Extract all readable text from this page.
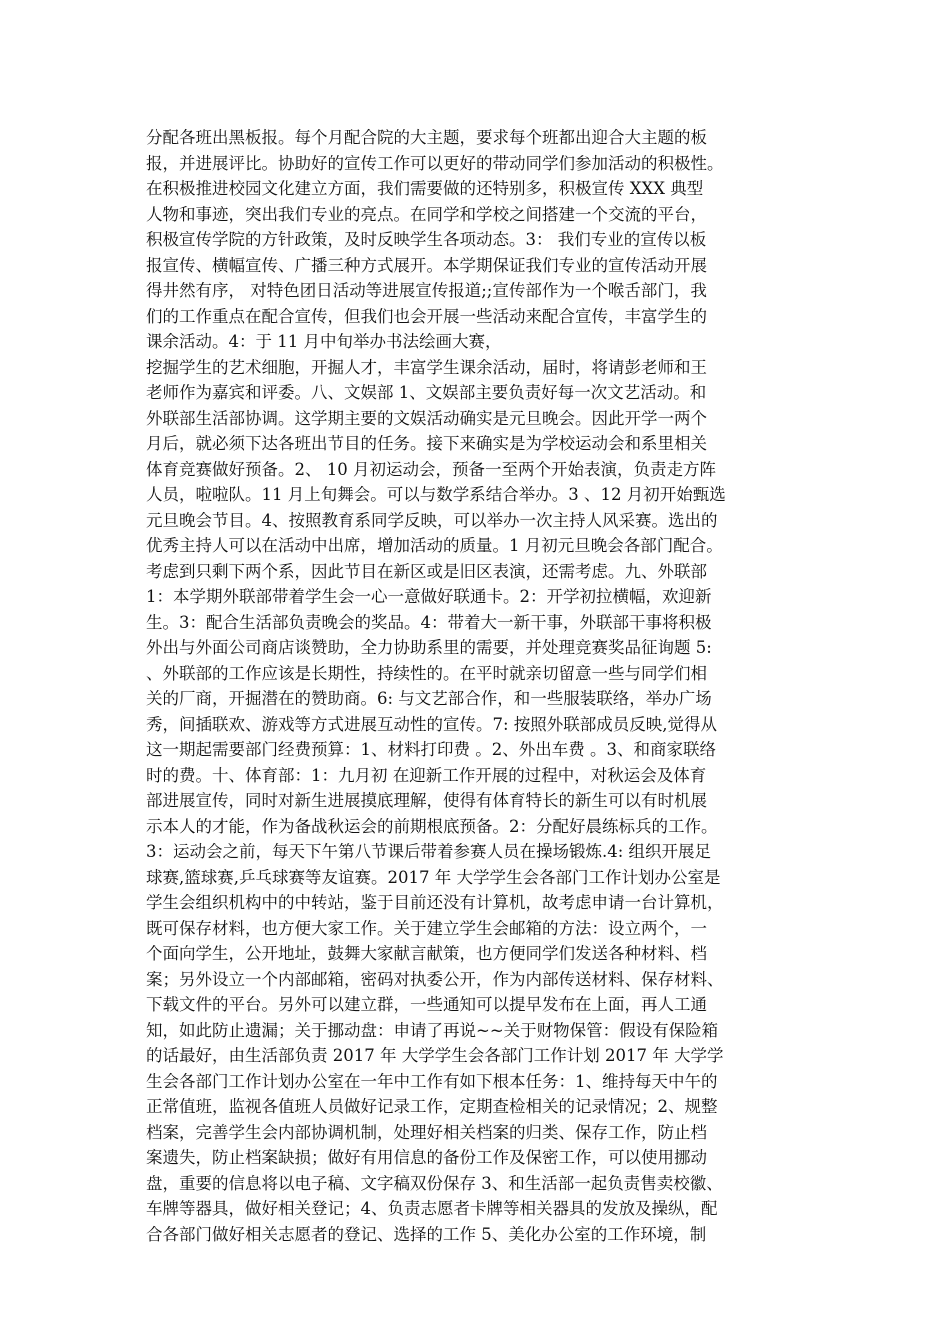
分配各班出黑板报。每个月配合院的大主题，要求每个班都出迎合大主题的板
报，并进展评比。协助好的宣传工作可以更好的带动同学们参加活动的积极性。
在积极推进校园文化建立方面，我们需要做的还特别多，积极宣传 XXX 典型
人物和事迹，突出我们专业的亮点。在同学和学校之间搭建一个交流的平台，
积极宣传学院的方针政策，及时反映学生各项动态。3： 我们专业的宣传以板
报宣传、横幅宣传、广播三种方式展开。本学期保证我们专业的宣传活动开展
得井然有序， 对特色团日活动等进展宣传报道;;宣传部作为一个喉舌部门，我
们的工作重点在配合宣传，但我们也会开展一些活动来配合宣传，丰富学生的
课余活动。4：于 11 月中旬举办书法绘画大赛，
挖掘学生的艺术细胞，开掘人才，丰富学生课余活动，届时，将请彭老师和王
老师作为嘉宾和评委。八、文娱部 1、文娱部主要负责好每一次文艺活动。和
外联部生活部协调。这学期主要的文娱活动确实是元旦晚会。因此开学一两个
月后，就必须下达各班出节目的任务。接下来确实是为学校运动会和系里相关
体育竞赛做好预备。2、 10 月初运动会，预备一至两个开始表演，负责走方阵
人员，啦啦队。11 月上旬舞会。可以与数学系结合举办。3 、12 月初开始甄选
元旦晚会节目。4、按照教育系同学反映，可以举办一次主持人风采赛。选出的
优秀主持人可以在活动中出席，增加活动的质量。1 月初元旦晚会各部门配合。
考虑到只剩下两个系，因此节目在新区或是旧区表演，还需考虑。九、外联部
1：本学期外联部带着学生会一心一意做好联通卡。2：开学初拉横幅，欢迎新
生。3：配合生活部负责晚会的奖品。4：带着大一新干事，外联部干事将积极
外出与外面公司商店谈赞助，全力协助系里的需要，并处理竞赛奖品征询题 5:
、外联部的工作应该是长期性，持续性的。在平时就亲切留意一些与同学们相
关的厂商，开掘潜在的赞助商。6: 与文艺部合作，和一些服装联络，举办广场
秀，间插联欢、游戏等方式进展互动性的宣传。7: 按照外联部成员反映,觉得从
这一期起需要部门经费预算：1、材料打印费 。2、外出车费 。3、和商家联络
时的费。十、体育部：1：九月初 在迎新工作开展的过程中，对秋运会及体育
部进展宣传，同时对新生进展摸底理解，使得有体育特长的新生可以有时机展
示本人的才能，作为备战秋运会的前期根底预备。2：分配好晨练标兵的工作。
3：运动会之前，每天下午第八节课后带着参赛人员在操场锻炼.4: 组织开展足
球赛,篮球赛,乒乓球赛等友谊赛。2017 年 大学学生会各部门工作计划办公室是
学生会组织机构中的中转站，鉴于目前还没有计算机，故考虑申请一台计算机，
既可保存材料，也方便大家工作。关于建立学生会邮箱的方法：设立两个，一
个面向学生，公开地址，鼓舞大家献言献策，也方便同学们发送各种材料、档
案；另外设立一个内部邮箱，密码对执委公开，作为内部传送材料、保存材料、
下载文件的平台。另外可以建立群，一些通知可以提早发布在上面，再人工通
知，如此防止遗漏；关于挪动盘：申请了再说~~关于财物保管：假设有保险箱
的话最好，由生活部负责 2017 年 大学学生会各部门工作计划 2017 年 大学学
生会各部门工作计划办公室在一年中工作有如下根本任务：1、维持每天中午的
正常值班，监视各值班人员做好记录工作，定期查检相关的记录情况；2、规整
档案，完善学生会内部协调机制，处理好相关档案的归类、保存工作，防止档
案遗失，防止档案缺损；做好有用信息的备份工作及保密工作，可以使用挪动
盘，重要的信息将以电子稿、文字稿双份保存 3、和生活部一起负责售卖校徽、
车牌等器具，做好相关登记；4、负责志愿者卡牌等相关器具的发放及操纵，配
合各部门做好相关志愿者的登记、选择的工作 5、美化办公室的工作环境，制
